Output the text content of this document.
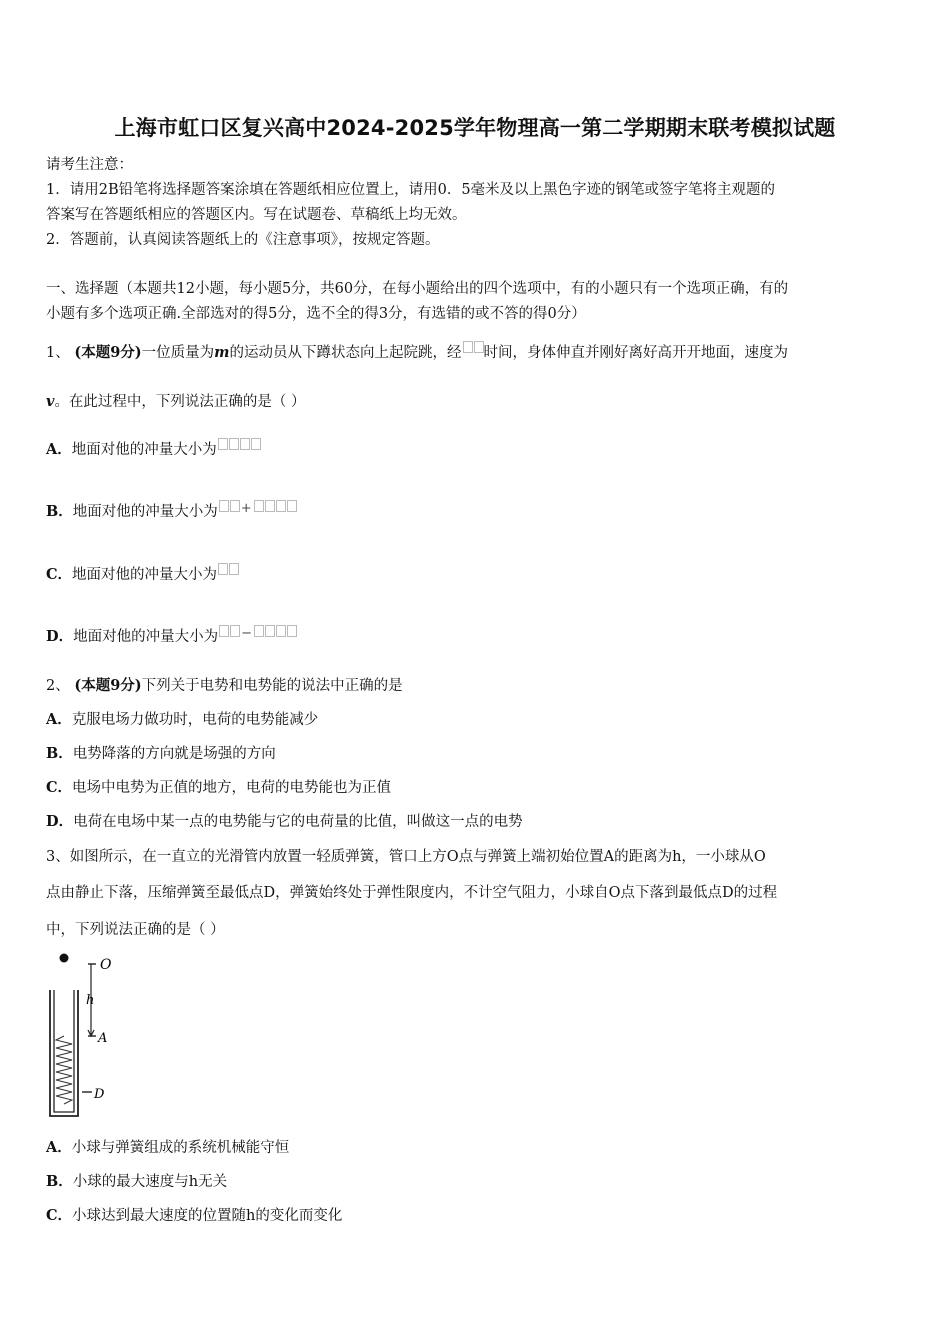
上海市虹口区复兴高中2024-2025学年物理高一第二学期期末联考模拟试题
请考生注意：
1．请用2B铅笔将选择题答案涂填在答题纸相应位置上，请用0．5毫米及以上黑色字迹的钢笔或签字笔将主观题的
答案写在答题纸相应的答题区内。写在试题卷、草稿纸上均无效。
2．答题前，认真阅读答题纸上的《注意事项》，按规定答题。
一、选择题（本题共12小题，每小题5分，共60分，在每小题给出的四个选项中，有的小题只有一个选项正确，有的
小题有多个选项正确.全部选对的得5分，选不全的得3分，有选错的或不答的得0分）
1、 (本题9分)一位质量为m的运动员从下蹲状态向上起院跳，经 时间，身体伸直并刚好离好高开开地面，速度为
v。在此过程中，下列说法正确的是（ ）
A．地面对他的冲量大小为
B．地面对他的冲量大小为 +
C．地面对他的冲量大小为
D．地面对他的冲量大小为 −
2、 (本题9分)下列关于电势和电势能的说法中正确的是
A．克服电场力做功时，电荷的电势能减少
B．电势降落的方向就是场强的方向
C．电场中电势为正值的地方，电荷的电势能也为正值
D．电荷在电场中某一点的电势能与它的电荷量的比值，叫做这一点的电势
3、如图所示，在一直立的光滑管内放置一轻质弹簧，管口上方O点与弹簧上端初始位置A的距离为h，一小球从O
点由静止下落，压缩弹簧至最低点D，弹簧始终处于弹性限度内，不计空气阻力，小球自O点下落到最低点D的过程
中，下列说法正确的是（ ）
O
h
A
D
A．小球与弹簧组成的系统机械能守恒
B．小球的最大速度与h无关
C．小球达到最大速度的位置随h的变化而变化
